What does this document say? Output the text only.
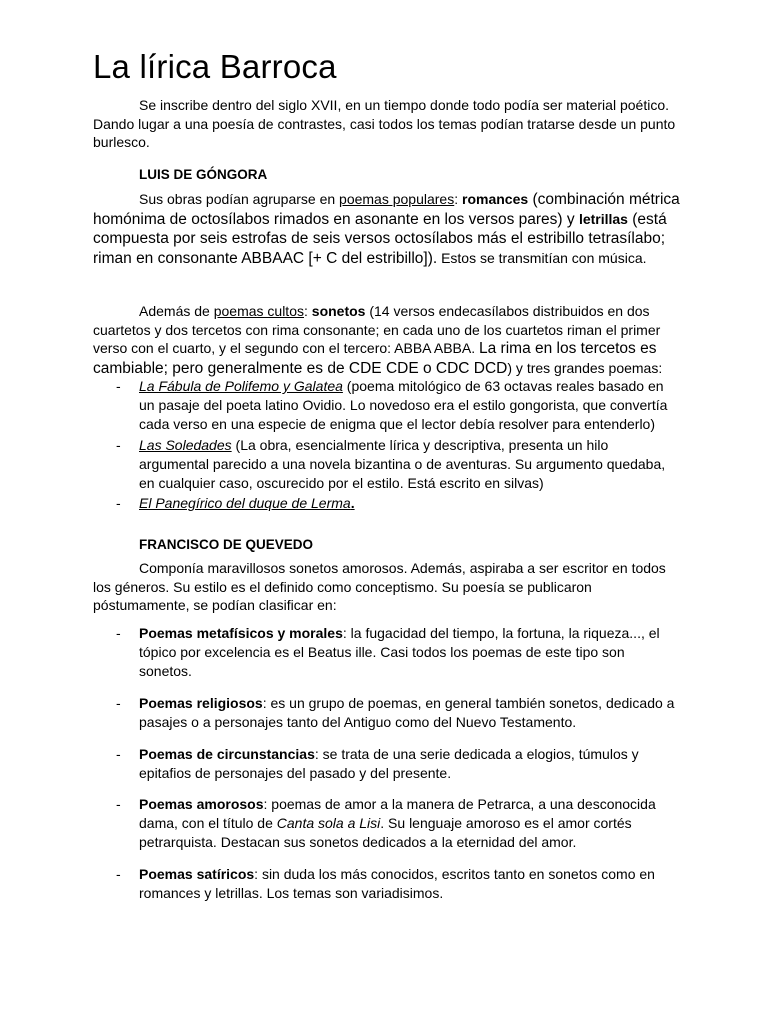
La lírica Barroca

Se inscribe dentro del siglo XVII, en un tiempo donde todo podía ser material poético. Dando lugar a una poesía de contrastes, casi todos los temas podían tratarse desde un punto burlesco.

LUIS DE GÓNGORA

Sus obras podían agruparse en poemas populares: romances (combinación métrica homónima de octosílabos rimados en asonante en los versos pares) y letrillas (está compuesta por seis estrofas de seis versos octosílabos más el estribillo tetrasílabo; riman en consonante ABBAAC [+ C del estribillo]). Estos se transmitían con música.

Además de poemas cultos: sonetos (14 versos endecasílabos distribuidos en dos cuartetos y dos tercetos con rima consonante; en cada uno de los cuartetos riman el primer verso con el cuarto, y el segundo con el tercero: ABBA ABBA. La rima en los tercetos es cambiable; pero generalmente es de CDE CDE o CDC DCD) y tres grandes poemas:

- La Fábula de Polifemo y Galatea (poema mitológico de 63 octavas reales basado en un pasaje del poeta latino Ovidio. Lo novedoso era el estilo gongorista, que convertía cada verso en una especie de enigma que el lector debía resolver para entenderlo)

- Las Soledades (La obra, esencialmente lírica y descriptiva, presenta un hilo argumental parecido a una novela bizantina o de aventuras. Su argumento quedaba, en cualquier caso, oscurecido por el estilo. Está escrito en silvas)

- El Panegírico del duque de Lerma.

FRANCISCO DE QUEVEDO

Componía maravillosos sonetos amorosos. Además, aspiraba a ser escritor en todos los géneros. Su estilo es el definido como conceptismo. Su poesía se publicaron póstumamente, se podían clasificar en:

- Poemas metafísicos y morales: la fugacidad del tiempo, la fortuna, la riqueza..., el tópico por excelencia es el Beatus ille. Casi todos los poemas de este tipo son sonetos.

- Poemas religiosos: es un grupo de poemas, en general también sonetos, dedicado a pasajes o a personajes tanto del Antiguo como del Nuevo Testamento.

- Poemas de circunstancias: se trata de una serie dedicada a elogios, túmulos y epitafios de personajes del pasado y del presente.

- Poemas amorosos: poemas de amor a la manera de Petrarca, a una desconocida dama, con el título de Canta sola a Lisi. Su lenguaje amoroso es el amor cortés petrarquista. Destacan sus sonetos dedicados a la eternidad del amor.

- Poemas satíricos: sin duda los más conocidos, escritos tanto en sonetos como en romances y letrillas. Los temas son variadisimos.
